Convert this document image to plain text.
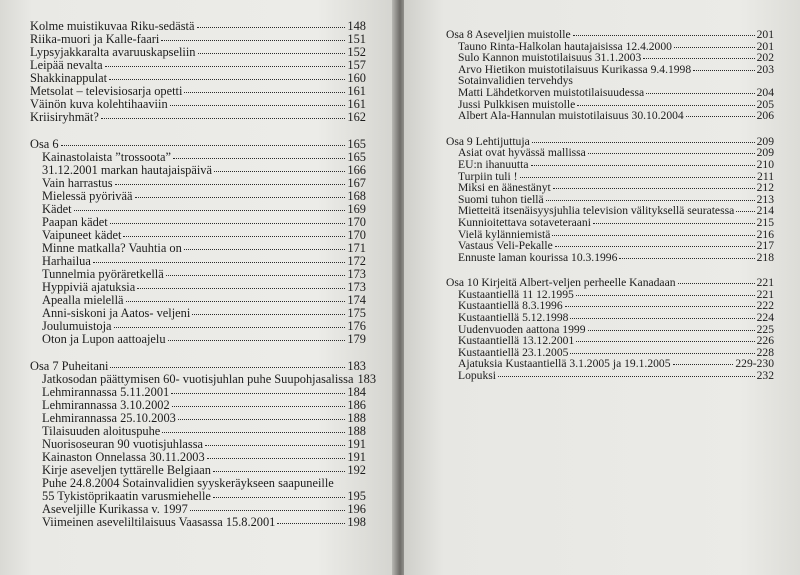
Kolme muistikuvaa Riku-sedästä	148
Riika-muori ja Kalle-faari	151
Lypsyjakkaralta avaruuskapseliin	152
Leipää nevalta	157
Shakkinappulat	160
Metsolat – televisiosarja opetti	161
Väinön kuva kolehtihaaviin	161
Kriisiryhmät?	162
Osa 6	165
Kainastolaista ”trossoota”	165
31.12.2001 markan hautajaispäivä	166
Vain harrastus	167
Mielessä pyörivää	168
Kädet	169
Paapan kädet	170
Vaipuneet kädet	170
Minne matkalla? Vauhtia on	171
Harhailua	172
Tunnelmia pyöräretkellä	173
Hyppiviä ajatuksia	173
Apealla mielellä	174
Anni-siskoni ja Aatos- veljeni	175
Joulumuistoja	176
Oton ja Lupon aattoajelu	179
Osa 7 Puheitani	183
Jatkosodan päättymisen 60- vuotisjuhlan puhe Suupohjasalissa 183
Lehmirannassa 5.11.2001	184
Lehmirannassa 3.10.2002	186
Lehmirannassa 25.10.2003	188
Tilaisuuden aloituspuhe	188
Nuorisoseuran 90 vuotisjuhlassa	191
Kainaston Onnelassa 30.11.2003	191
Kirje aseveljen tyttärelle Belgiaan	192
Puhe 24.8.2004 Sotainvalidien syyskeräykseen saapuneille
55 Tykistöprikaatin varusmiehelle	195
Aseveljille Kurikassa v. 1997	196
Viimeinen aseveliltilaisuus Vaasassa 15.8.2001	198
Osa 8 Aseveljien muistolle	201
Tauno Rinta-Halkolan hautajaisissa 12.4.2000	201
Sulo Kannon muistotilaisuus 31.1.2003	202
Arvo Hietikon muistotilaisuus Kurikassa 9.4.1998	203
Sotainvalidien tervehdys
Matti Lähdetkorven muistotilaisuudessa	204
Jussi Pulkkisen muistolle	205
Albert Ala-Hannulan muistotilaisuus 30.10.2004	206
Osa 9 Lehtijuttuja	209
Asiat ovat hyvässä mallissa	209
EU:n ihanuutta	210
Turpiin tuli !	211
Miksi en äänestänyt	212
Suomi tuhon tiellä	213
Mietteitä itsenäisyysjuhlia television välityksellä seuratessa 214
Kunnioitettava sotaveteraani	215
Vielä kylänniemistä	216
Vastaus Veli-Pekalle	217
Ennuste laman kourissa 10.3.1996	218
Osa 10 Kirjeitä Albert-veljen perheelle Kanadaan	221
Kustaantiellä 11 12.1995	221
Kustaantiellä 8.3.1996	222
Kustaantiellä 5.12.1998	224
Uudenvuoden aattona 1999	225
Kustaantiellä 13.12.2001	226
Kustaantiellä 23.1.2005	228
Ajatuksia Kustaantiellä 3.1.2005 ja 19.1.2005	229-230
Lopuksi	232
